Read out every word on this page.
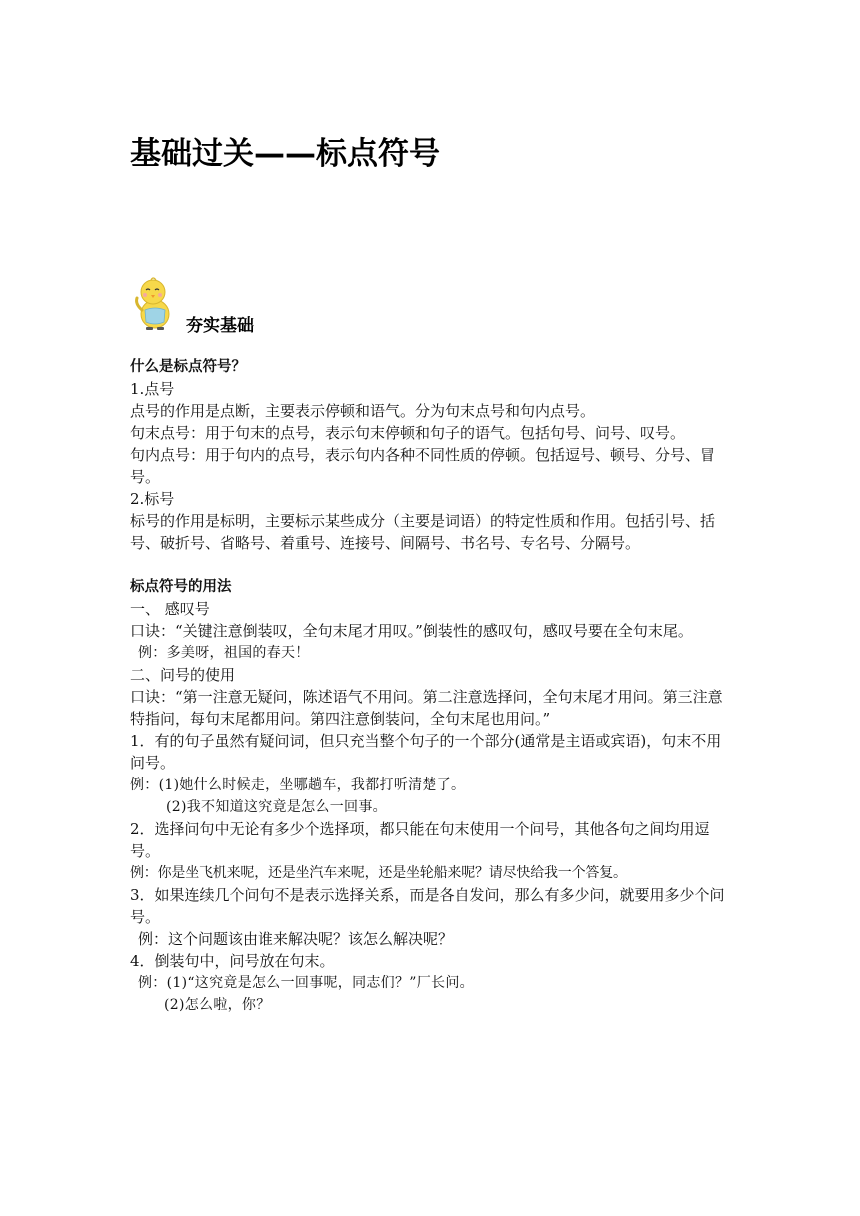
基础过关——标点符号
夯实基础

什么是标点符号？

1.点号

点号的作用是点断，主要表示停顿和语气。分为句末点号和句内点号。

句末点号：用于句末的点号，表示句末停顿和句子的语气。包括句号、问号、叹号。

句内点号：用于句内的点号，表示句内各种不同性质的停顿。包括逗号、顿号、分号、冒号。

2.标号

标号的作用是标明，主要标示某些成分（主要是词语）的特定性质和作用。包括引号、括号、破折号、省略号、着重号、连接号、间隔号、书名号、专名号、分隔号。

标点符号的用法

一、 感叹号

口诀：“关键注意倒装叹，全句末尾才用叹。”倒装性的感叹句，感叹号要在全句末尾。

例：多美呀，祖国的春天！

二、问号的使用

口诀：“第一注意无疑问，陈述语气不用问。第二注意选择问，全句末尾才用问。第三注意特指问，每句末尾都用问。第四注意倒装问，全句末尾也用问。”

1．有的句子虽然有疑问词，但只充当整个句子的一个部分(通常是主语或宾语)，句末不用问号。

例：(1)她什么时候走，坐哪趟车，我都打听清楚了。

(2)我不知道这究竟是怎么一回事。

2．选择问句中无论有多少个选择项，都只能在句末使用一个问号，其他各句之间均用逗号。

例：你是坐飞机来呢，还是坐汽车来呢，还是坐轮船来呢？请尽快给我一个答复。

3．如果连续几个问句不是表示选择关系，而是各自发问，那么有多少问，就要用多少个问号。

例：这个问题该由谁来解决呢？该怎么解决呢？

4．倒装句中，问号放在句末。

例：(1)“这究竟是怎么一回事呢，同志们？”厂长问。

(2)怎么啦，你？
